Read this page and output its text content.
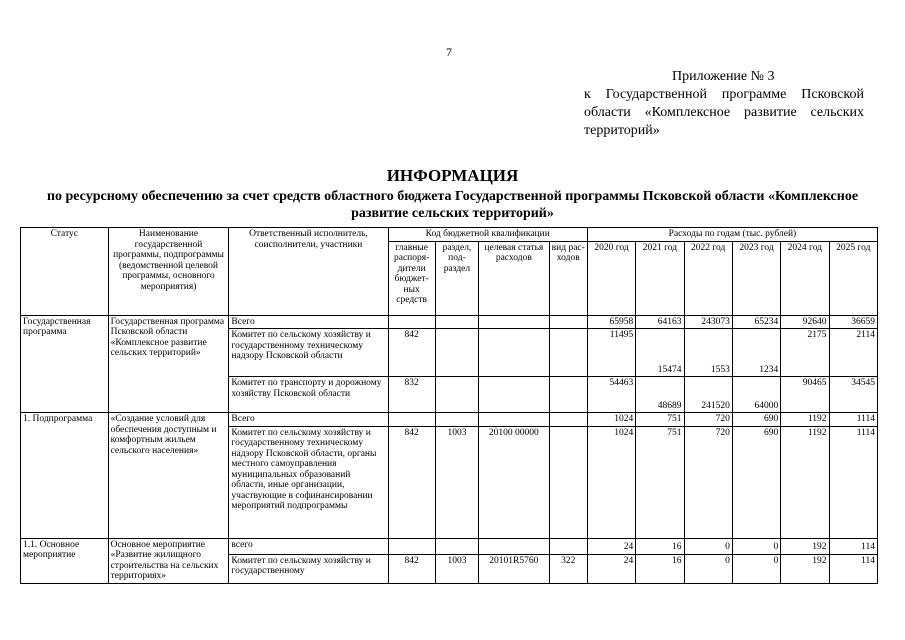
7
Приложение № 3
к Государственной программе Псковской области «Комплексное развитие сельских территорий»
ИНФОРМАЦИЯ
по ресурсному обеспечению за счет средств областного бюджета Государственной программы Псковской области «Комплексное развитие сельских территорий»
Статус	Наименование государственной программы, подпрограммы (ведомственной целевой программы, основного мероприятия)	Ответственный исполнитель, соисполнители, участники	Код бюджетной квалификации				Расходы по годам (тыс. рублей)					
			главные распоря-дители бюджет-ных средств	раздел, под-раздел	целевая статья расходов	вид рас-ходов	2020 год	2021 год	2022 год	2023 год	2024 год	2025 год
Государственная программа	Государственная программа Псковской области «Комплексное развитие сельских территорий»	Всего					65958	64163	243073	65234	92640	36659
		Комитет по сельскому хозяйству и государственному техническому надзору Псковской области	842				11495	15474	1553	1234	2175	2114
		Комитет по транспорту и дорожному хозяйству Псковской области	832				54463	48689	241520	64000	90465	34545
1. Подпрограмма	«Создание условий для обеспечения доступным и комфортным жильем сельского населения»	Всего					1024	751	720	690	1192	1114
		Комитет по сельскому хозяйству и государственному техническому надзору Псковской области, органы местного самоуправления муниципальных образований области, иные организации, участвующие в софинансировании мероприятий подпрограммы	842	1003	20100 00000		1024	751	720	690	1192	1114
1.1. Основное мероприятие	Основное мероприятие «Развитие жилищного строительства на сельских территориях»	всего					24	16	0	0	192	114
		Комитет по сельскому хозяйству и государственному	842	1003	20101R5760	322	24	16	0	0	192	114
